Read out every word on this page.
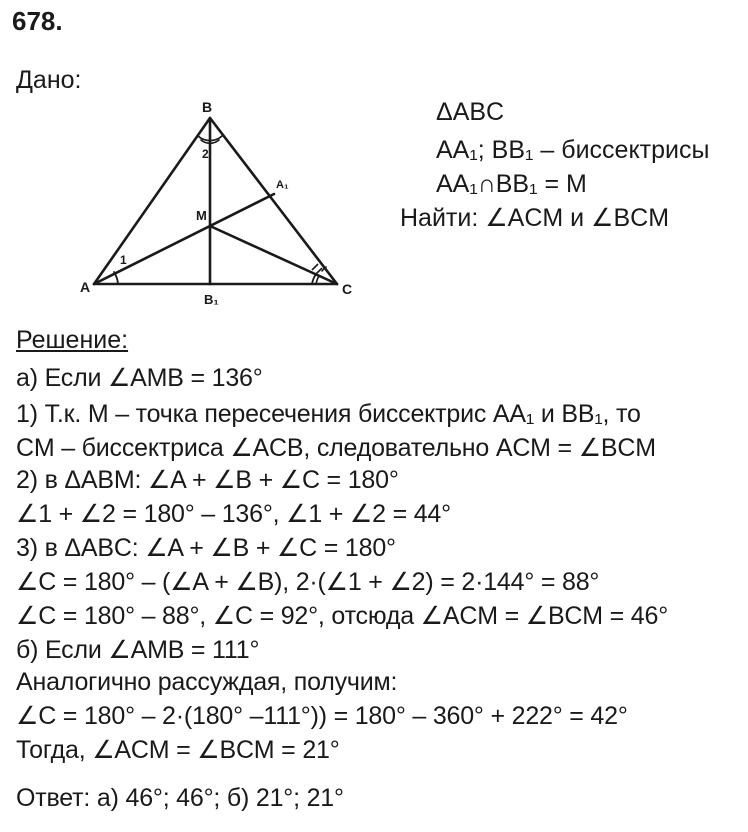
678.
Дано:
ΔABC
AA₁; BB₁ – биссектрисы
AA₁∩BB₁ = M
Найти: ∠ACM и ∠BCM
B
A	C
M
A₁
B₁
1
2
Решение:
а) Если ∠AMB = 136°
1) Т.к. M – точка пересечения биссектрис AA₁ и BB₁, то
CM – биссектриса ∠ACB, следовательно ACM = ∠BCM
2) в ΔABM: ∠A + ∠B + ∠C = 180°
∠1 + ∠2 = 180° – 136°, ∠1 + ∠2 = 44°
3) в ΔABC: ∠A + ∠B + ∠C = 180°
∠C = 180° – (∠A + ∠B), 2·(∠1 + ∠2) = 2·144° = 88°
∠C = 180° – 88°, ∠C = 92°, отсюда ∠ACM = ∠BCM = 46°
б) Если ∠AMB = 111°
Аналогично рассуждая, получим:
∠C = 180° – 2·(180° –111°)) = 180° – 360° + 222° = 42°
Тогда, ∠ACM = ∠BCM = 21°
Ответ: а) 46°; 46°; б) 21°; 21°
